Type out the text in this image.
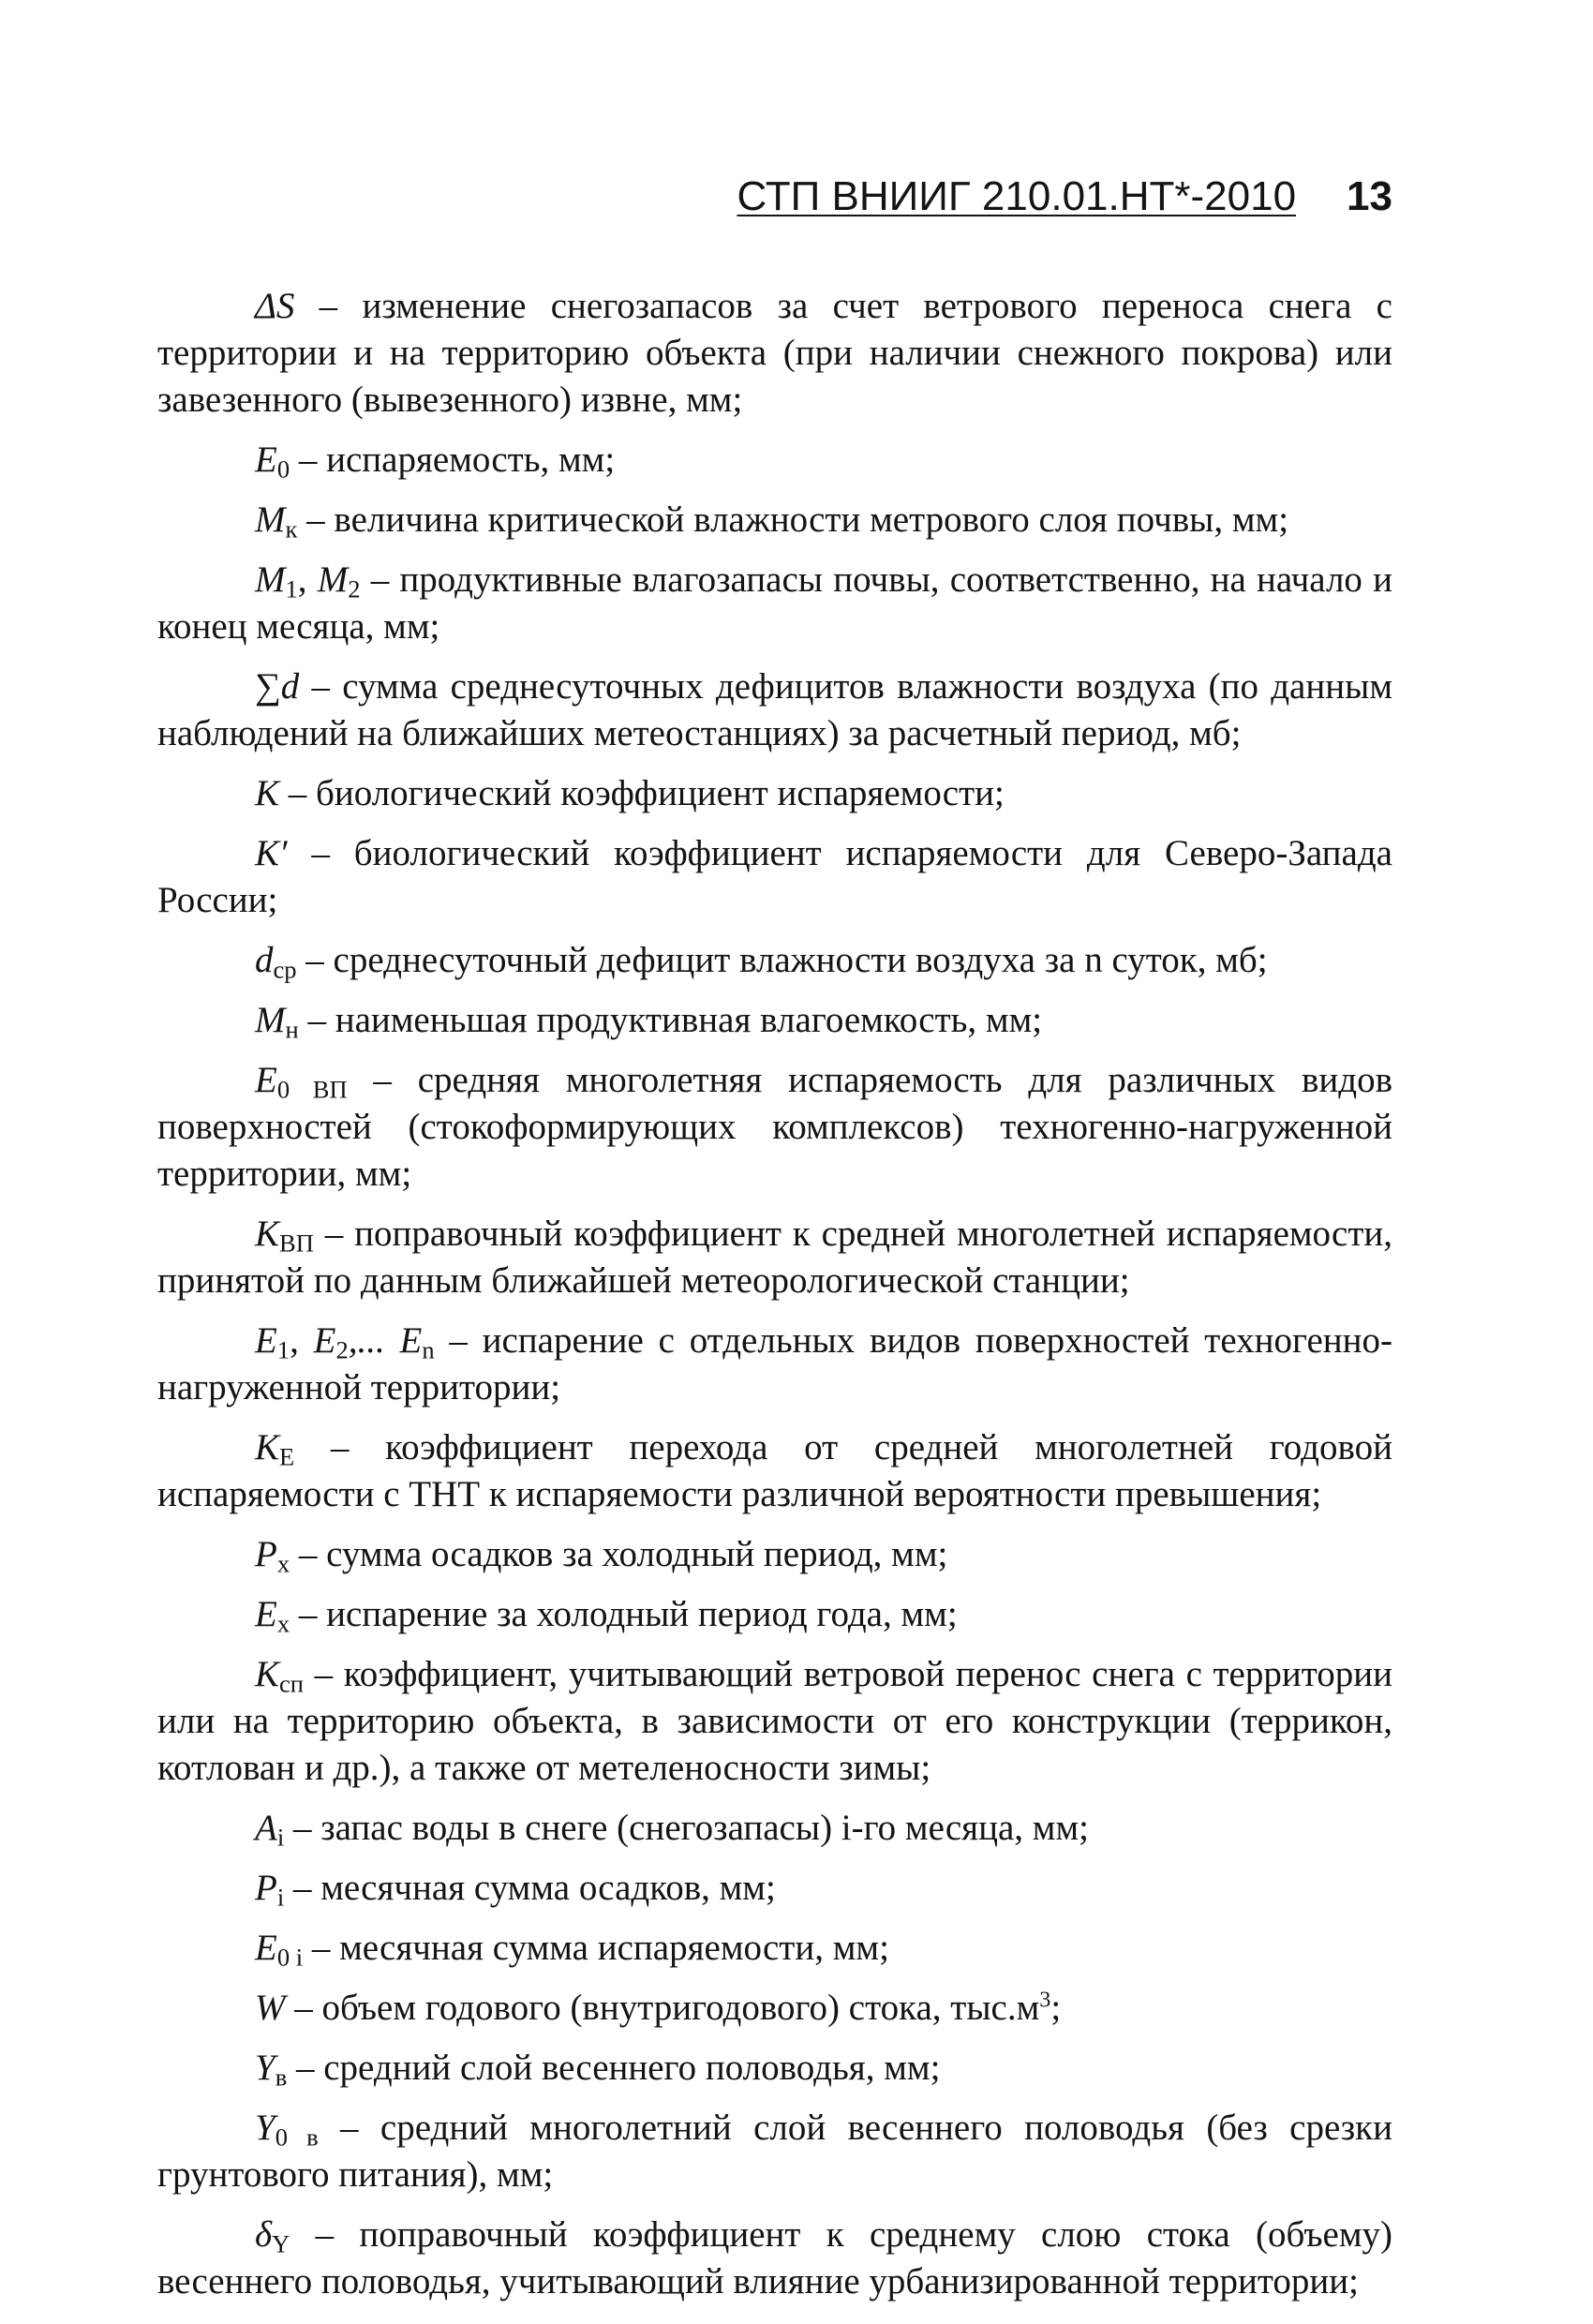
СТП ВНИИГ 210.01.НТ*-2010 13

ΔS – изменение снегозапасов за счет ветрового переноса снега с территории и на территорию объекта (при наличии снежного покрова) или завезенного (вывезенного) извне, мм;

$E_0$ – испаряемость, мм;

$M_к$ – величина критической влажности метрового слоя почвы, мм;

$M_1$, $M_2$ – продуктивные влагозапасы почвы, соответственно, на начало и конец месяца, мм;

∑d – сумма среднесуточных дефицитов влажности воздуха (по данным наблюдений на ближайших метеостанциях) за расчетный период, мб;

K – биологический коэффициент испаряемости;

K′ – биологический коэффициент испаряемости для Северо-Запада России;

$d_{ср}$ – среднесуточный дефицит влажности воздуха за n суток, мб;

$M_н$ – наименьшая продуктивная влагоемкость, мм;

$E_{0 ВП}$ – средняя многолетняя испаряемость для различных видов поверхностей (стокоформирующих комплексов) техногенно-нагруженной территории, мм;

$K_{ВП}$ – поправочный коэффициент к средней многолетней испаряемости, принятой по данным ближайшей метеорологической станции;

$E_1$, $E_2$,... $E_n$ – испарение с отдельных видов поверхностей техногенно-нагруженной территории;

$K_E$ – коэффициент перехода от средней многолетней годовой испаряемости с ТНТ к испаряемости различной вероятности превышения;

$P_x$ – сумма осадков за холодный период, мм;

$E_x$ – испарение за холодный период года, мм;

$K_{сп}$ – коэффициент, учитывающий ветровой перенос снега с территории или на территорию объекта, в зависимости от его конструкции (террикон, котлован и др.), а также от метеленосности зимы;

$A_i$ – запас воды в снеге (снегозапасы) i-го месяца, мм;

$P_i$ – месячная сумма осадков, мм;

$E_{0 i}$ – месячная сумма испаряемости, мм;

W – объем годового (внутригодового) стока, $тыс.м^3$;

$Y_в$ – средний слой весеннего половодья, мм;

$Y_{0 в}$ – средний многолетний слой весеннего половодья (без срезки грунтового питания), мм;

$\delta_Y$ – поправочный коэффициент к среднему слою стока (объему) весеннего половодья, учитывающий влияние урбанизированной территории;
